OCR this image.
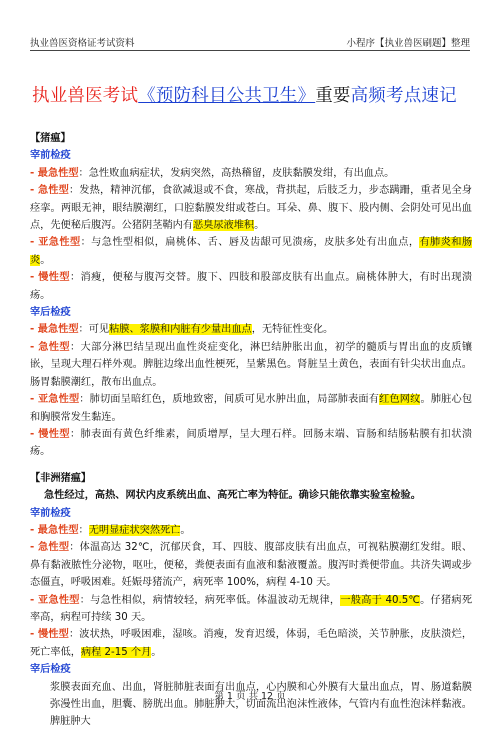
执业兽医资格证考试资料	小程序【执业兽医刷题】整理
执业兽医考试《预防科目公共卫生》重要高频考点速记
【猪瘟】
宰前检疫
- 最急性型：急性败血病症状，发病突然，高热稽留，皮肤黏膜发绀，有出血点。
- 急性型：发热，精神沉郁，食欲减退或不食，寒战，背拱起，后肢乏力，步态蹒跚，重者见全身痉挛。两眼无神，眼结膜潮红，口腔黏膜发绀或苍白。耳朵、鼻、腹下、股内侧、会阴处可见出血点，先便秘后腹泻。公猪阴茎鞘内有恶臭尿液堆积。
- 亚急性型：与急性型相似，扁桃体、舌、唇及齿龈可见溃疡，皮肤多处有出血点，有肺炎和肠炎。
- 慢性型：消瘦，便秘与腹泻交替。腹下、四肢和股部皮肤有出血点。扁桃体肿大，有时出现溃疡。
宰后检疫
- 最急性型：可见粘膜、浆膜和内脏有少量出血点，无特征性变化。
- 急性型：大部分淋巴结呈现出血性炎症变化，淋巴结肿胀出血，初学的髓质与胃出血的皮质镶嵌，呈现大理石样外观。脾脏边缘出血性梗死，呈紫黑色。肾脏呈土黄色，表面有针尖状出血点。肠胃黏膜潮红，散布出血点。
- 亚急性型：肺切面呈暗红色，质地致密，间质可见水肿出血，局部肺表面有红色网纹。肺脏心包和胸膜常发生黏连。
- 慢性型：肺表面有黄色纤维素，间质增厚，呈大理石样。回肠末端、盲肠和结肠粘膜有扣状溃疡。
【非洲猪瘟】
急性经过，高热、网状内皮系统出血、高死亡率为特征。确诊只能依靠实验室检验。
宰前检疫
- 最急性型：无明显症状突然死亡。
- 急性型：体温高达 32℃，沉郁厌食，耳、四肢、腹部皮肤有出血点，可视粘膜潮红发绀。眼、鼻有黏液脓性分泌物，呕吐，便秘，粪便表面有血液和黏液覆盖。腹泻时粪便带血。共济失调或步态僵直，呼吸困难。妊娠母猪流产，病死率 100%，病程 4-10 天。
- 亚急性型：与急性相似，病情较轻，病死率低。体温波动无规律，一般高于 40.5℃。仔猪病死率高，病程可持续 30 天。
- 慢性型：波状热，呼吸困难，湿咳。消瘦，发育迟缓，体弱，毛色暗淡，关节肿胀，皮肤溃烂，死亡率低，病程 2-15 个月。
宰后检疫
浆膜表面充血、出血，肾脏肺脏表面有出血点，心内膜和心外膜有大量出血点，胃、肠道黏膜弥漫性出血，胆囊、膀胱出血。肺脏肿大，切面流出泡沫性液体，气管内有血性泡沫样黏液。脾脏肿大
第 1 页 共 12 页
